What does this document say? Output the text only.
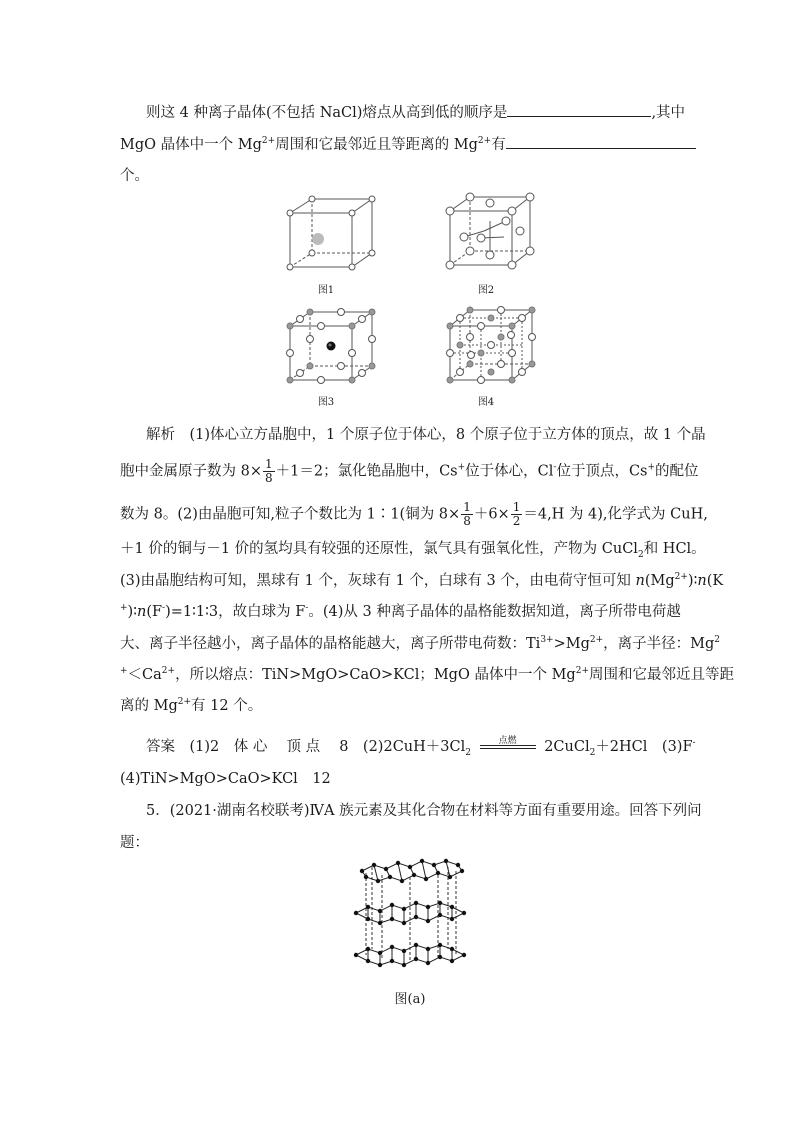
则这 4 种离子晶体(不包括 NaCl)熔点从高到低的顺序是	,其中
MgO 晶体中一个 $Mg^{2+}$周围和它最邻近且等距离的 $Mg^{2+}$有
个。
图1	图2
图3	图4
解析　 (1)体心立方晶胞中，1 个原子位于体心，8 个原子位于立方体的顶点，故 1 个晶
胞中金属原子数为 $8\times \frac{1}{8} +1=2$；氯化铯晶胞中，Cs+位于体心，Cl-位于顶点，Cs+的配位
数为 8。(2)由晶胞可知,粒子个数比为 1∶1(铜为 $8\times \frac{1}{8} +6\times \frac{1}{2} =4,H$ 为 4),化学式为 CuH,
＋1 价的铜与－1 价的氢均具有较强的还原性，氯气具有强氧化性，产物为 CuCl$_2$和 HCl。
(3)由晶胞结构可知，黑球有 1 个，灰球有 1 个，白球有 3 个，由电荷守恒可知 $n(Mg^{2+})∶n(K$
+)∶n(F-)=1∶1∶3，故白球为 F-。(4)从 3 种离子晶体的晶格能数据知道，离子所带电荷越
大、离子半径越小，离子晶体的晶格能越大，离子所带电荷数：$Ti^{3+}>Mg^{2+}$，离子半径：Mg$^2$
$^+<Ca^{2+}$，所以熔点：TiN>MgO>CaO>KCl；MgO 晶体中一个 $Mg^{2+}$周围和它最邻近且等距
离的 $Mg^{2+}$有 12 个。
答案　 (1)2　体 心　 顶 点　 8　$(2)2CuH+3Cl_2$
点燃	2CuCl$_2$＋2HCl　(3)F-
(4)TiN>MgO>CaO>KCl　12
5．(2021·湖南名校联考)ⅣA 族元素及其化合物在材料等方面有重要用途。回答下列问
题：
图(a)
